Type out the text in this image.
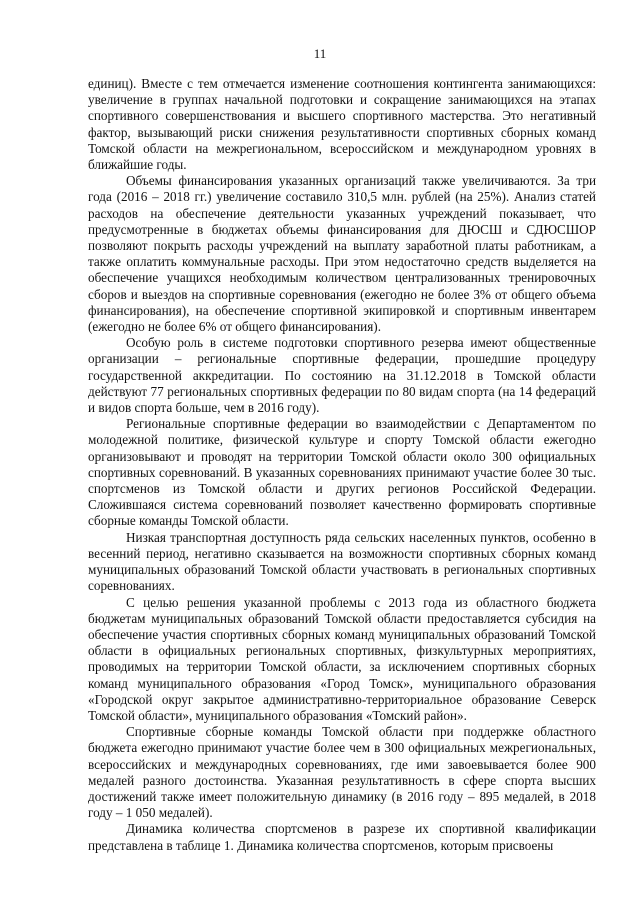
11

единиц). Вместе с тем отмечается изменение соотношения контингента занимающихся: увеличение в группах начальной подготовки и сокращение занимающихся на этапах спортивного совершенствования и высшего спортивного мастерства. Это негативный фактор, вызывающий риски снижения результативности спортивных сборных команд Томской области на межрегиональном, всероссийском и международном уровнях в ближайшие годы.

Объемы финансирования указанных организаций также увеличиваются. За три года (2016 – 2018 гг.) увеличение составило 310,5 млн. рублей (на 25%). Анализ статей расходов на обеспечение деятельности указанных учреждений показывает, что предусмотренные в бюджетах объемы финансирования для ДЮСШ и СДЮСШОР позволяют покрыть расходы учреждений на выплату заработной платы работникам, а также оплатить коммунальные расходы. При этом недостаточно средств выделяется на обеспечение учащихся необходимым количеством централизованных тренировочных сборов и выездов на спортивные соревнования (ежегодно не более 3% от общего объема финансирования), на обеспечение спортивной экипировкой и спортивным инвентарем (ежегодно не более 6% от общего финансирования).

Особую роль в системе подготовки спортивного резерва имеют общественные организации – региональные спортивные федерации, прошедшие процедуру государственной аккредитации. По состоянию на 31.12.2018 в Томской области действуют 77 региональных спортивных федерации по 80 видам спорта (на 14 федераций и видов спорта больше, чем в 2016 году).

Региональные спортивные федерации во взаимодействии с Департаментом по молодежной политике, физической культуре и спорту Томской области ежегодно организовывают и проводят на территории Томской области около 300 официальных спортивных соревнований. В указанных соревнованиях принимают участие более 30 тыс. спортсменов из Томской области и других регионов Российской Федерации. Сложившаяся система соревнований позволяет качественно формировать спортивные сборные команды Томской области.

Низкая транспортная доступность ряда сельских населенных пунктов, особенно в весенний период, негативно сказывается на возможности спортивных сборных команд муниципальных образований Томской области участвовать в региональных спортивных соревнованиях.

С целью решения указанной проблемы с 2013 года из областного бюджета бюджетам муниципальных образований Томской области предоставляется субсидия на обеспечение участия спортивных сборных команд муниципальных образований Томской области в официальных региональных спортивных, физкультурных мероприятиях, проводимых на территории Томской области, за исключением спортивных сборных команд муниципального образования «Город Томск», муниципального образования «Городской округ закрытое административно-территориальное образование Северск Томской области», муниципального образования «Томский район».

Спортивные сборные команды Томской области при поддержке областного бюджета ежегодно принимают участие более чем в 300 официальных межрегиональных, всероссийских и международных соревнованиях, где ими завоевывается более 900 медалей разного достоинства. Указанная результативность в сфере спорта высших достижений также имеет положительную динамику (в 2016 году – 895 медалей, в 2018 году – 1 050 медалей).

Динамика количества спортсменов в разрезе их спортивной квалификации представлена в таблице 1. Динамика количества спортсменов, которым присвоены
